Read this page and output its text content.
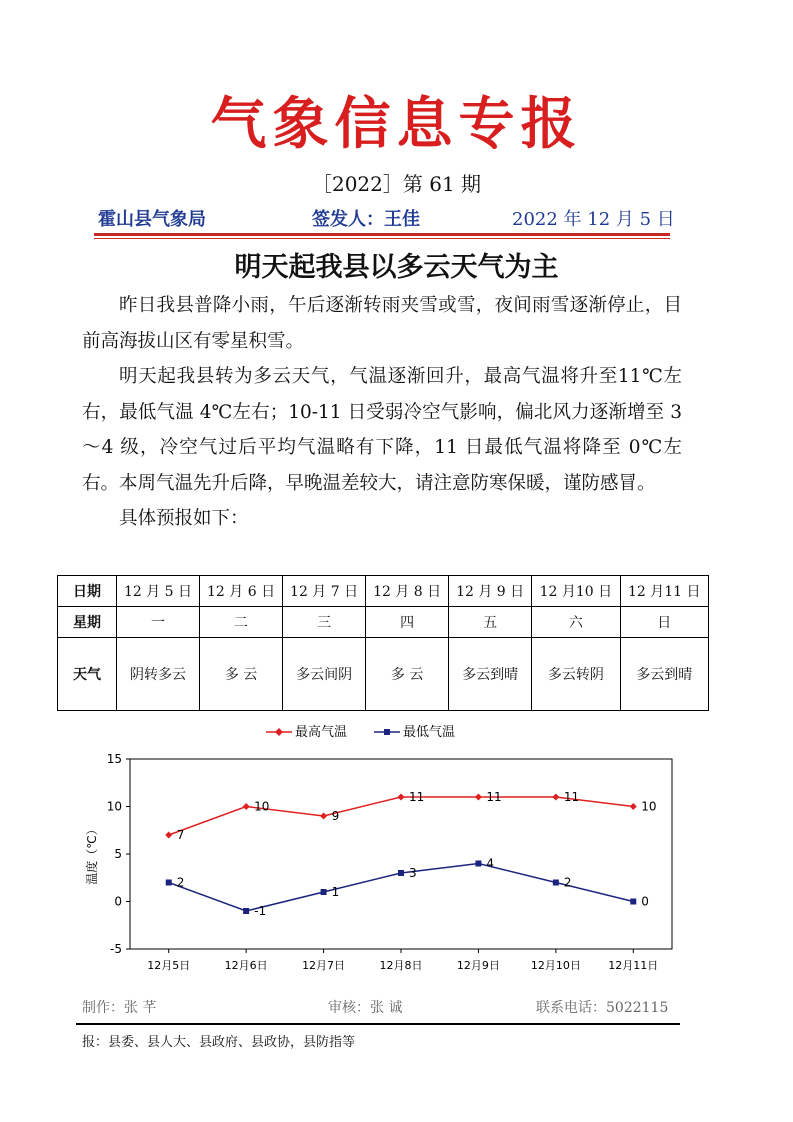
气象信息专报
［2022］第 61 期
霍山县气象局	签发人：王佳	2022 年 12 月 5 日
明天起我县以多云天气为主

昨日我县普降小雨，午后逐渐转雨夹雪或雪，夜间雨雪逐渐停止，目前高海拔山区有零星积雪。

明天起我县转为多云天气，气温逐渐回升，最高气温将升至11℃左右，最低气温 4℃左右；10-11 日受弱冷空气影响，偏北风力逐渐增至 3～4 级，冷空气过后平均气温略有下降，11 日最低气温将降至 0℃左右。本周气温先升后降，早晚温差较大，请注意防寒保暖，谨防感冒。

具体预报如下：

日期	12 月 5 日	12 月 6 日	12 月 7 日	12 月 8 日	12 月 9 日	12 月10 日	12 月11 日
星期	一	二	三	四	五	六	日
天气	阴转多云	多 云	多云间阴	多 云	多云到晴	多云转阴	多云到晴
最高气温	最低气温
15
10
5
0
-5
12月5日	12月6日	12月7日	12月8日	12月9日	12月10日 12月11日
温度（℃）	7
10
9
11	11	11
10
2
-1
1
3
4
2
0
制作：张 芊	审核：张 诚	联系电话：5022115
报：县委、县人大、县政府、县政协，县防指等
